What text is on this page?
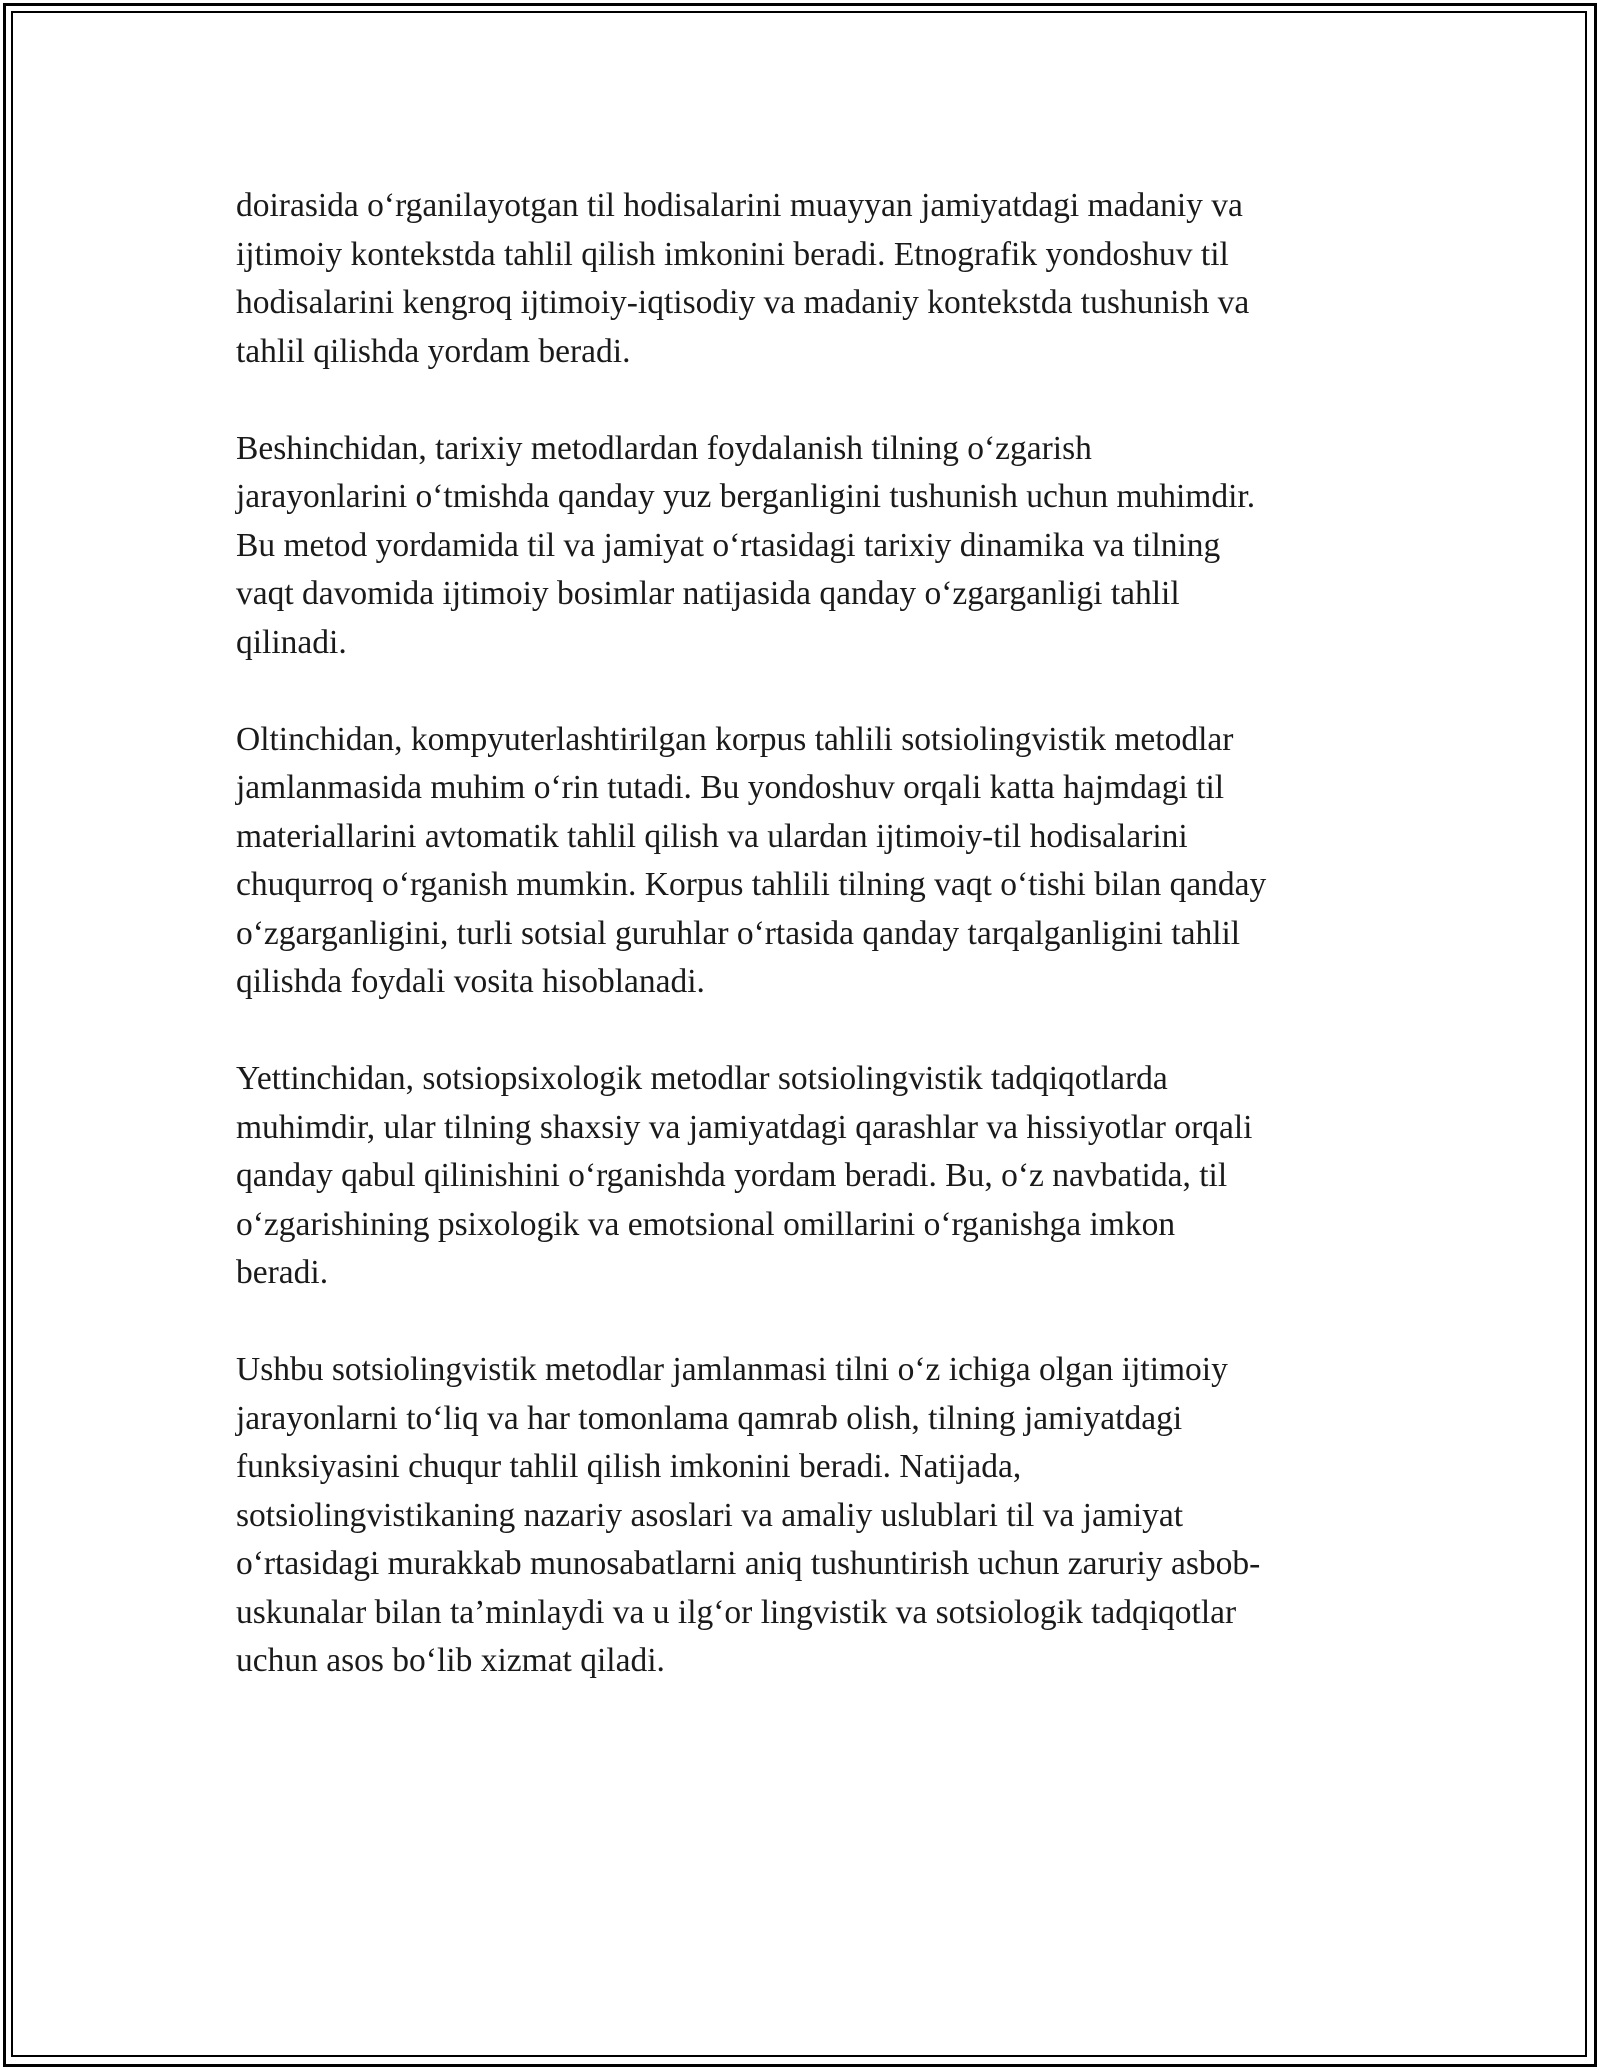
doirasida o‘rganilayotgan til hodisalarini muayyan jamiyatdagi madaniy va
ijtimoiy kontekstda tahlil qilish imkonini beradi. Etnografik yondoshuv til
hodisalarini kengroq ijtimoiy-iqtisodiy va madaniy kontekstda tushunish va
tahlil qilishda yordam beradi.

Beshinchidan, tarixiy metodlardan foydalanish tilning o‘zgarish
jarayonlarini o‘tmishda qanday yuz berganligini tushunish uchun muhimdir.
Bu metod yordamida til va jamiyat o‘rtasidagi tarixiy dinamika va tilning
vaqt davomida ijtimoiy bosimlar natijasida qanday o‘zgarganligi tahlil
qilinadi.

Oltinchidan, kompyuterlashtirilgan korpus tahlili sotsiolingvistik metodlar
jamlanmasida muhim o‘rin tutadi. Bu yondoshuv orqali katta hajmdagi til
materiallarini avtomatik tahlil qilish va ulardan ijtimoiy-til hodisalarini
chuqurroq o‘rganish mumkin. Korpus tahlili tilning vaqt o‘tishi bilan qanday
o‘zgarganligini, turli sotsial guruhlar o‘rtasida qanday tarqalganligini tahlil
qilishda foydali vosita hisoblanadi.

Yettinchidan, sotsiopsixologik metodlar sotsiolingvistik tadqiqotlarda
muhimdir, ular tilning shaxsiy va jamiyatdagi qarashlar va hissiyotlar orqali
qanday qabul qilinishini o‘rganishda yordam beradi. Bu, o‘z navbatida, til
o‘zgarishining psixologik va emotsional omillarini o‘rganishga imkon
beradi.

Ushbu sotsiolingvistik metodlar jamlanmasi tilni o‘z ichiga olgan ijtimoiy
jarayonlarni to‘liq va har tomonlama qamrab olish, tilning jamiyatdagi
funksiyasini chuqur tahlil qilish imkonini beradi. Natijada,
sotsiolingvistikaning nazariy asoslari va amaliy uslublari til va jamiyat
o‘rtasidagi murakkab munosabatlarni aniq tushuntirish uchun zaruriy asbob-
uskunalar bilan ta’minlaydi va u ilg‘or lingvistik va sotsiologik tadqiqotlar
uchun asos bo‘lib xizmat qiladi.
